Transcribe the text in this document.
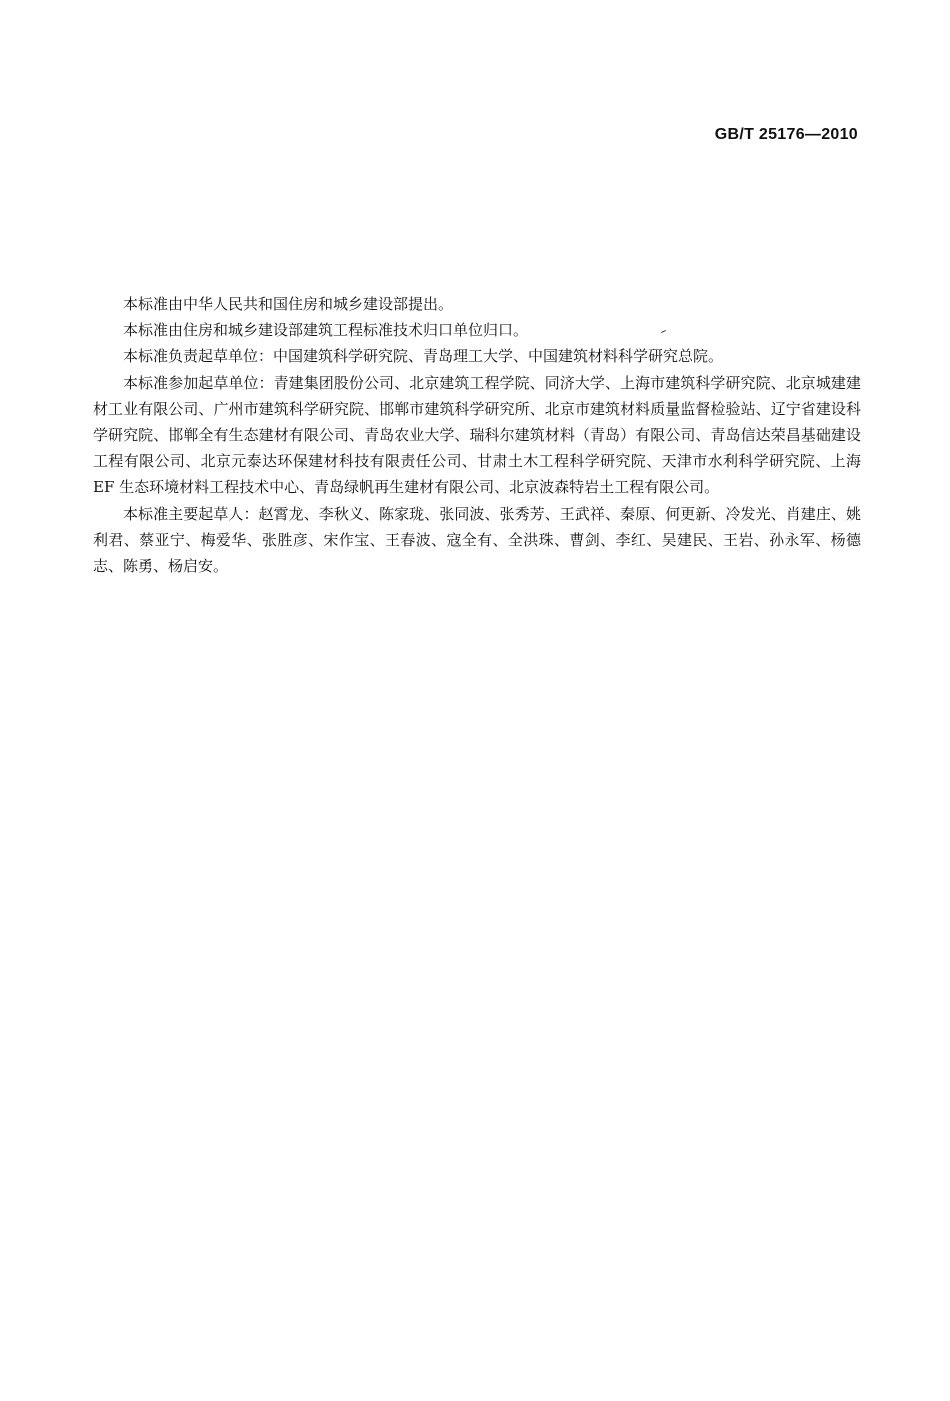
GB/T 25176—2010

本标准由中华人民共和国住房和城乡建设部提出。

本标准由住房和城乡建设部建筑工程标准技术归口单位归口。

本标准负责起草单位：中国建筑科学研究院、青岛理工大学、中国建筑材料科学研究总院。

本标准参加起草单位：青建集团股份公司、北京建筑工程学院、同济大学、上海市建筑科学研究院、北京城建建材工业有限公司、广州市建筑科学研究院、邯郸市建筑科学研究所、北京市建筑材料质量监督检验站、辽宁省建设科学研究院、邯郸全有生态建材有限公司、青岛农业大学、瑞科尔建筑材料（青岛）有限公司、青岛信达荣昌基础建设工程有限公司、北京元泰达环保建材科技有限责任公司、甘肃土木工程科学研究院、天津市水利科学研究院、上海 EF 生态环境材料工程技术中心、青岛绿帆再生建材有限公司、北京波森特岩土工程有限公司。

本标准主要起草人：赵霄龙、李秋义、陈家珑、张同波、张秀芳、王武祥、秦原、何更新、冷发光、肖建庄、姚利君、蔡亚宁、梅爱华、张胜彦、宋作宝、王春波、寇全有、全洪珠、曹剑、李红、吴建民、王岩、孙永军、杨德志、陈勇、杨启安。
